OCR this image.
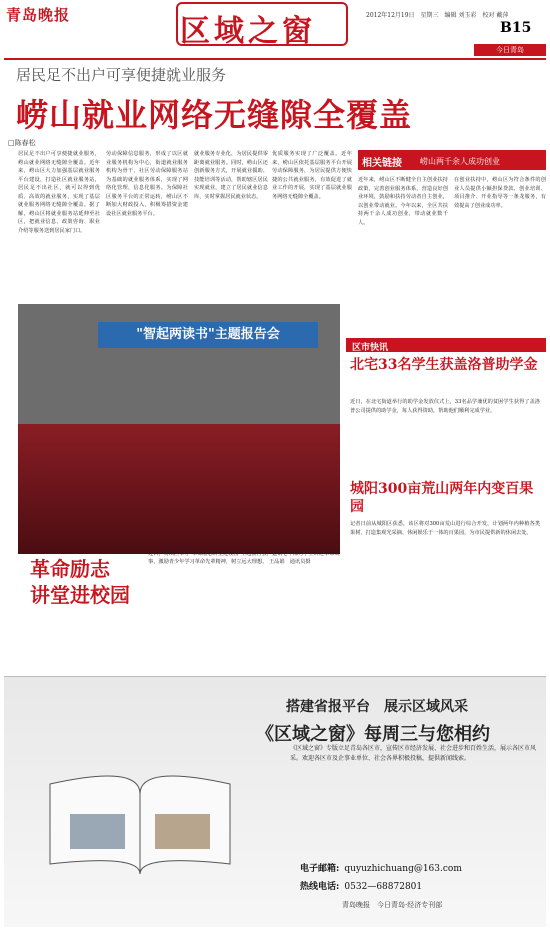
青岛晚报	区域之窗	2012年12月19日　星期三　编辑 刘玉彩　校对 戴萍
B15
今日青岛
居民足不出户可享便捷就业服务
崂山就业网络无缝隙全覆盖
□陈春松
居民足不出户可享便捷就业服务，崂山就业网络无缝隙全覆盖。近年来，崂山区大力加强基层就业服务平台建设，打造社区就业服务站，居民足不出社区，就可以得到优质、高效的就业服务，实现了基层就业服务网络无缝隙全覆盖。据了解，崂山区将就业服务站延伸至社区，把就业信息、政策咨询、职业介绍等服务送到居民家门口。
劳动保障信息服务，形成了以区就业服务机构为中心，街道就业服务机构为骨干，社区劳动保障服务站为基础的就业服务体系，实现了网络化管理，信息化服务。为保障社区服务平台的正常运转，崂山区不断加大财政投入，积极筹措资金建设社区就业服务平台。
就业服务专业化，为居民提供零距离就业服务。同时，崂山区还创新服务方式，开展就业援助、技能培训等活动，帮助辖区居民实现就业，建立了居民就业信息库，实时掌握居民就业状态。
优质服务实现了广泛覆盖。近年来，崂山区依托基层服务平台开展劳动保障服务，为居民提供方便快捷的公共就业服务，有效促进了就业工作的开展，实现了基层就业服务网络无缝隙全覆盖。
相关链接 崂山两千余人成功创业
近年来，崂山区不断健全自主创业扶持政策，完善创业服务体系，营造良好创业环境，鼓励和扶持劳动者自主创业，以创业带动就业。今年以来，全区共扶持两千余人成功创业，带动就业数千人。
在创业扶持中，崂山区为符合条件的创业人员提供小额担保贷款、创业培训、项目推介、开业指导等一条龙服务，有效提高了创业成功率。
"智起两读书"主题报告会
革命励志
讲堂进校园
近日，崂山区举办"革命励志讲堂进校园"主题报告会，邀请老干部为学生讲述革命故事，激励青少年学习革命先辈精神，树立远大理想。 王品娟　通讯员摄
区市快讯
北宅33名学生获盖洛普助学金
近日，在北宅街道举行的助学金发放仪式上，33名品学兼优的贫困学生获得了盖洛普公司提供的助学金，每人获得资助，帮助他们顺利完成学业。
城阳300亩荒山两年内变百果园
记者日前从城阳区获悉，该区将对300亩荒山进行综合开发，计划两年内种植各类果树，打造集观光采摘、休闲娱乐于一体的百果园，为市民提供新的休闲去处。
搭建省报平台　展示区域风采
《区域之窗》每周三与您相约
《区域之窗》专版立足青岛各区市，宣传区市经济发展、社会进步和百姓生活，展示各区市风采。欢迎各区市及企事业单位、社会各界积极投稿，提供新闻线索。
电子邮箱: quyuzhichuang@163.com
热线电话: 0532—68872801
青岛晚报　今日青岛·经济专刊部
